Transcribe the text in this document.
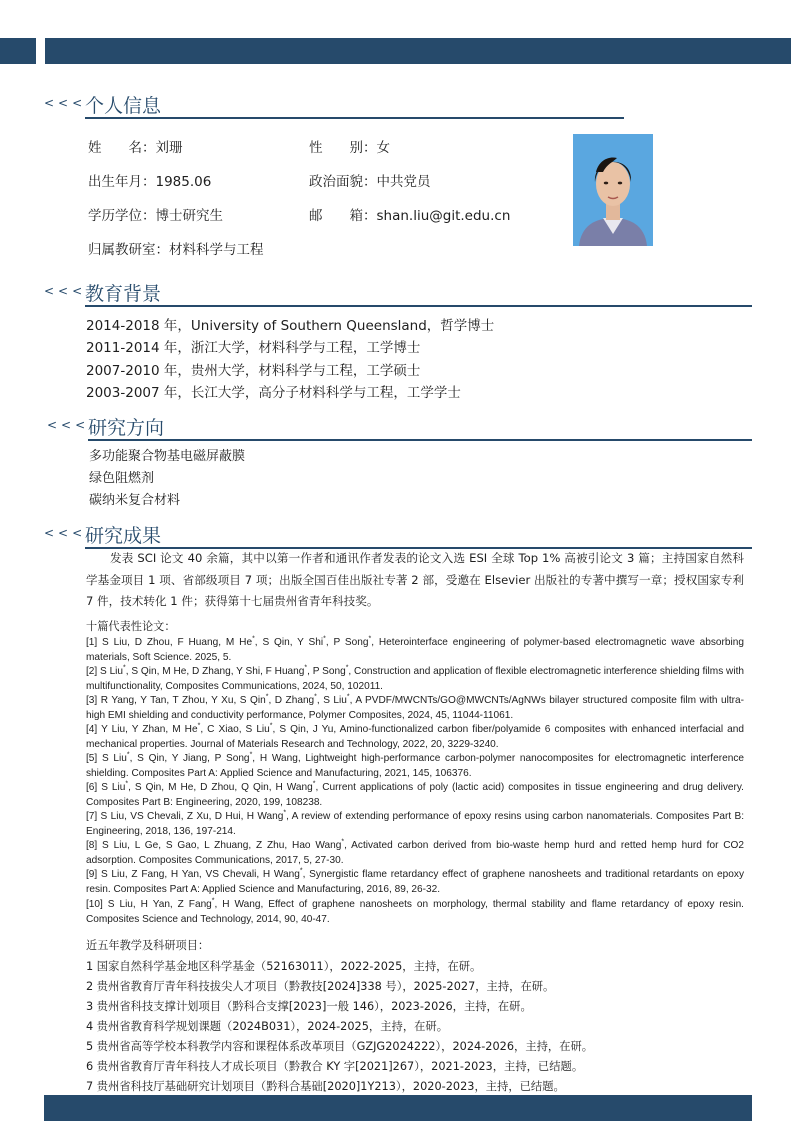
<<<
个人信息
姓　　名：刘珊	性　　别：女
出生年月：1985.06	政治面貌：中共党员
学历学位：博士研究生	邮　　箱：shan.liu@git.edu.cn
归属教研室：材料科学与工程
<<<
教育背景
2014-2018 年，University of Southern Queensland，哲学博士
2011-2014 年，浙江大学，材料科学与工程，工学博士
2007-2010 年，贵州大学，材料科学与工程，工学硕士
2003-2007 年，长江大学，高分子材料科学与工程，工学学士
<<<
研究方向
多功能聚合物基电磁屏蔽膜
绿色阻燃剂
碳纳米复合材料
<<<
研究成果
发表 SCI 论文 40 余篇，其中以第一作者和通讯作者发表的论文入选 ESI 全球 Top 1% 高被引论文 3 篇；主持国家自然科学基金项目 1 项、省部级项目 7 项；出版全国百佳出版社专著 2 部，受邀在 Elsevier 出版社的专著中撰写一章；授权国家专利 7 件，技术转化 1 件；获得第十七届贵州省青年科技奖。
十篇代表性论文：
[1] S Liu, D Zhou, F Huang, M He*, S Qin, Y Shi*, P Song*, Heterointerface engineering of polymer-based electromagnetic wave absorbing materials, Soft Science. 2025, 5.
[2] S Liu*, S Qin, M He, D Zhang, Y Shi, F Huang*, P Song*, Construction and application of flexible electromagnetic interference shielding films with multifunctionality, Composites Communications, 2024, 50, 102011.
[3] R Yang, Y Tan, T Zhou, Y Xu, S Qin*, D Zhang*, S Liu*, A PVDF/MWCNTs/GO@MWCNTs/AgNWs bilayer structured composite film with ultra-high EMI shielding and conductivity performance, Polymer Composites, 2024, 45, 11044-11061.
[4] Y Liu, Y Zhan, M He*, C Xiao, S Liu*, S Qin, J Yu, Amino-functionalized carbon fiber/polyamide 6 composites with enhanced interfacial and mechanical properties. Journal of Materials Research and Technology, 2022, 20, 3229-3240.
[5] S Liu*, S Qin, Y Jiang, P Song*, H Wang, Lightweight high-performance carbon-polymer nanocomposites for electromagnetic interference shielding. Composites Part A: Applied Science and Manufacturing, 2021, 145, 106376.
[6] S Liu*, S Qin, M He, D Zhou, Q Qin, H Wang*, Current applications of poly (lactic acid) composites in tissue engineering and drug delivery. Composites Part B: Engineering, 2020, 199, 108238.
[7] S Liu, VS Chevali, Z Xu, D Hui, H Wang*, A review of extending performance of epoxy resins using carbon nanomaterials. Composites Part B: Engineering, 2018, 136, 197-214.
[8] S Liu, L Ge, S Gao, L Zhuang, Z Zhu, Hao Wang*, Activated carbon derived from bio-waste hemp hurd and retted hemp hurd for CO2 adsorption. Composites Communications, 2017, 5, 27-30.
[9] S Liu, Z Fang, H Yan, VS Chevali, H Wang*, Synergistic flame retardancy effect of graphene nanosheets and traditional retardants on epoxy resin. Composites Part A: Applied Science and Manufacturing, 2016, 89, 26-32.
[10] S Liu, H Yan, Z Fang*, H Wang, Effect of graphene nanosheets on morphology, thermal stability and flame retardancy of epoxy resin. Composites Science and Technology, 2014, 90, 40-47.
近五年教学及科研项目：
1 国家自然科学基金地区科学基金（52163011），2022-2025，主持，在研。
2 贵州省教育厅青年科技拔尖人才项目（黔教技[2024]338 号），2025-2027，主持，在研。
3 贵州省科技支撑计划项目（黔科合支撑[2023]一般 146），2023-2026，主持，在研。
4 贵州省教育科学规划课题（2024B031），2024-2025，主持，在研。
5 贵州省高等学校本科教学内容和课程体系改革项目（GZJG2024222），2024-2026，主持，在研。
6 贵州省教育厅青年科技人才成长项目（黔教合 KY 字[2021]267），2021-2023，主持，已结题。
7 贵州省科技厅基础研究计划项目（黔科合基础[2020]1Y213），2020-2023，主持，已结题。
